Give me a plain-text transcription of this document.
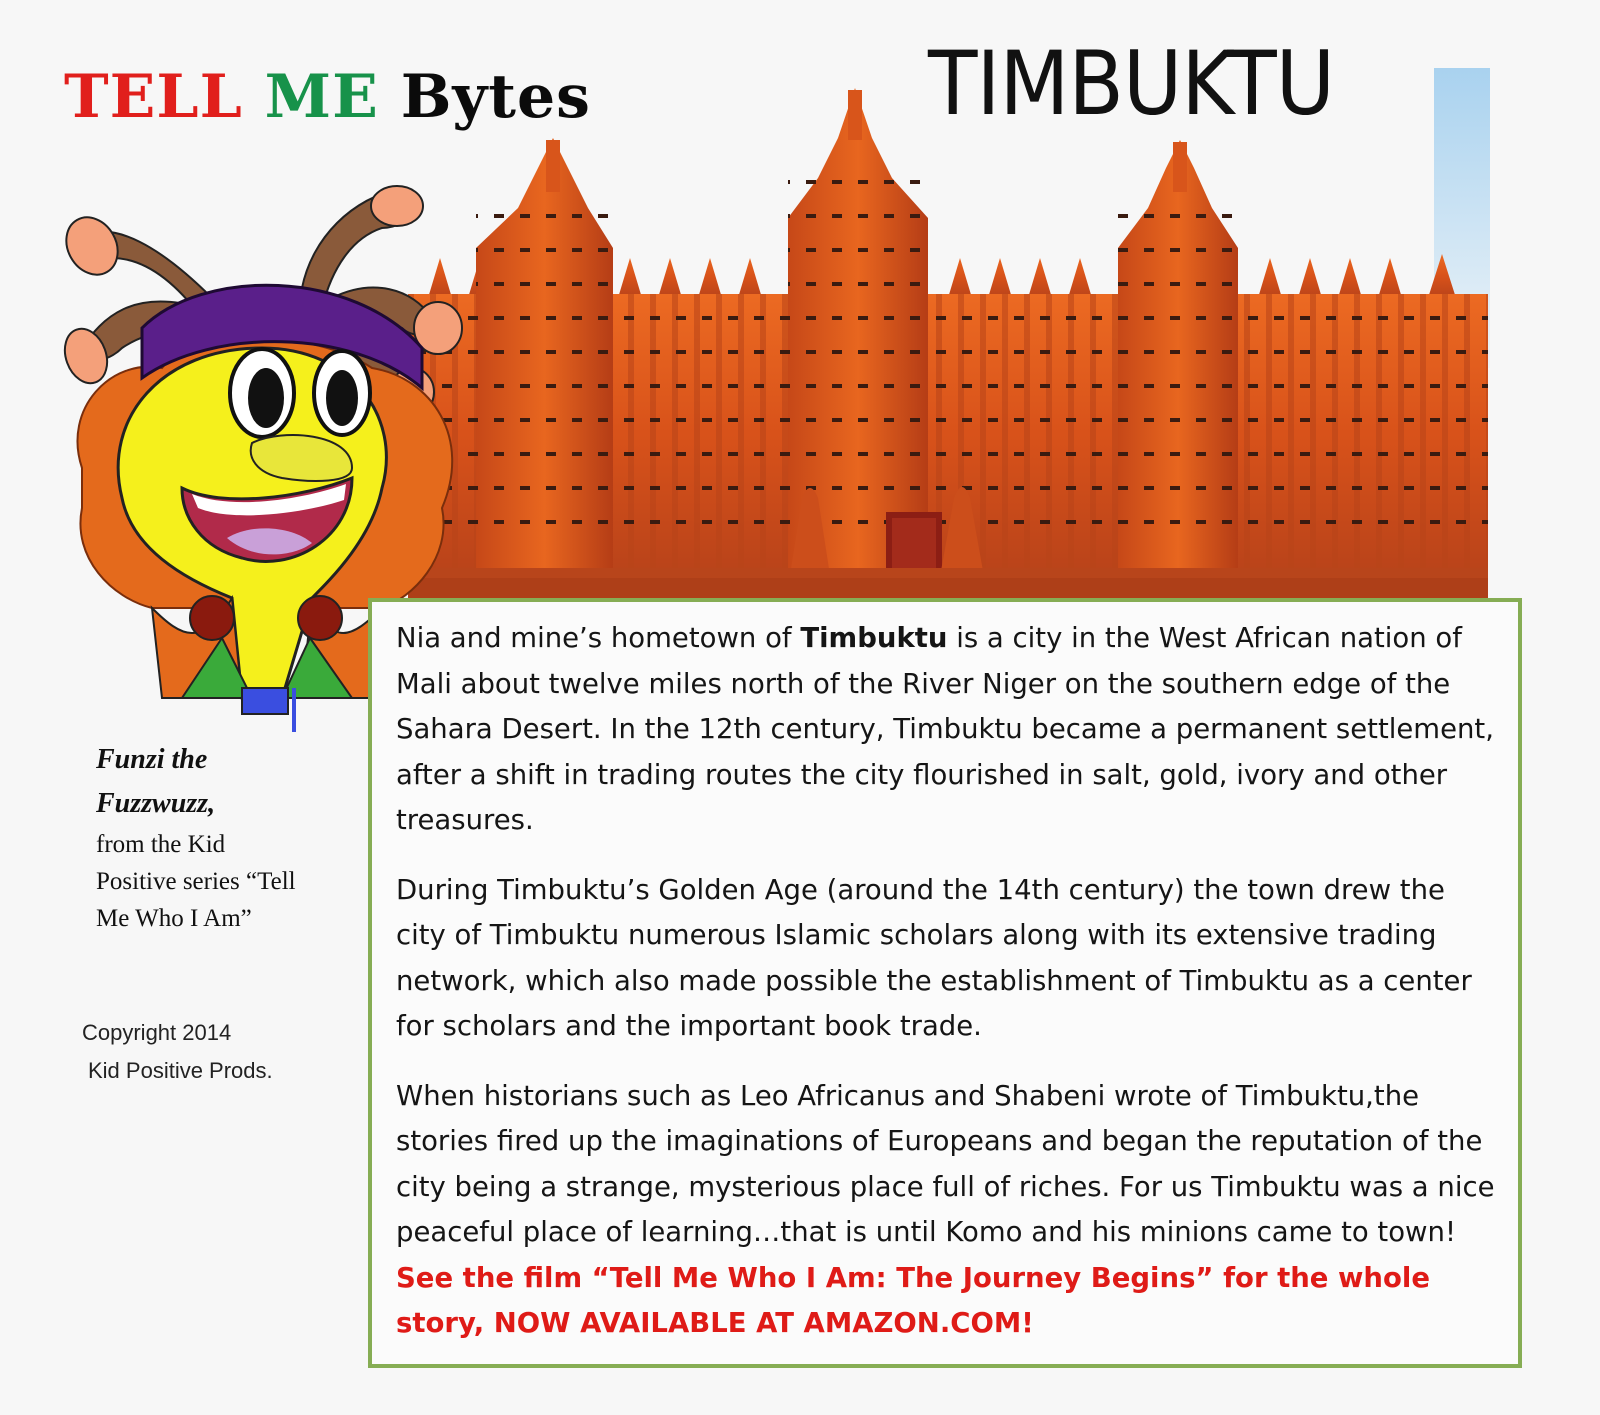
TELL ME Bytes	TIMBUKTU
Funzi the Fuzzwuzz,
from the Kid Positive series “Tell Me Who I Am”
Copyright 2014
Kid Positive Prods.

Nia and mine’s hometown of Timbuktu is a city in the West African nation of Mali about twelve miles north of the River Niger on the southern edge of the Sahara Desert. In the 12th century, Timbuktu became a permanent settlement, after a shift in trading routes the city flourished in salt, gold, ivory and other treasures.

During Timbuktu’s Golden Age (around the 14th century) the town drew the city of Timbuktu numerous Islamic scholars along with its extensive trading network, which also made possible the establishment of Timbuktu as a center for scholars and the important book trade.

When historians such as Leo Africanus and Shabeni wrote of Timbuktu,the stories fired up the imaginations of Europeans and began the reputation of the city being a strange, mysterious place full of riches. For us Timbuktu was a nice peaceful place of learning…that is until Komo and his minions came to town! See the film “Tell Me Who I Am: The Journey Begins” for the whole story, NOW AVAILABLE AT AMAZON.COM!
